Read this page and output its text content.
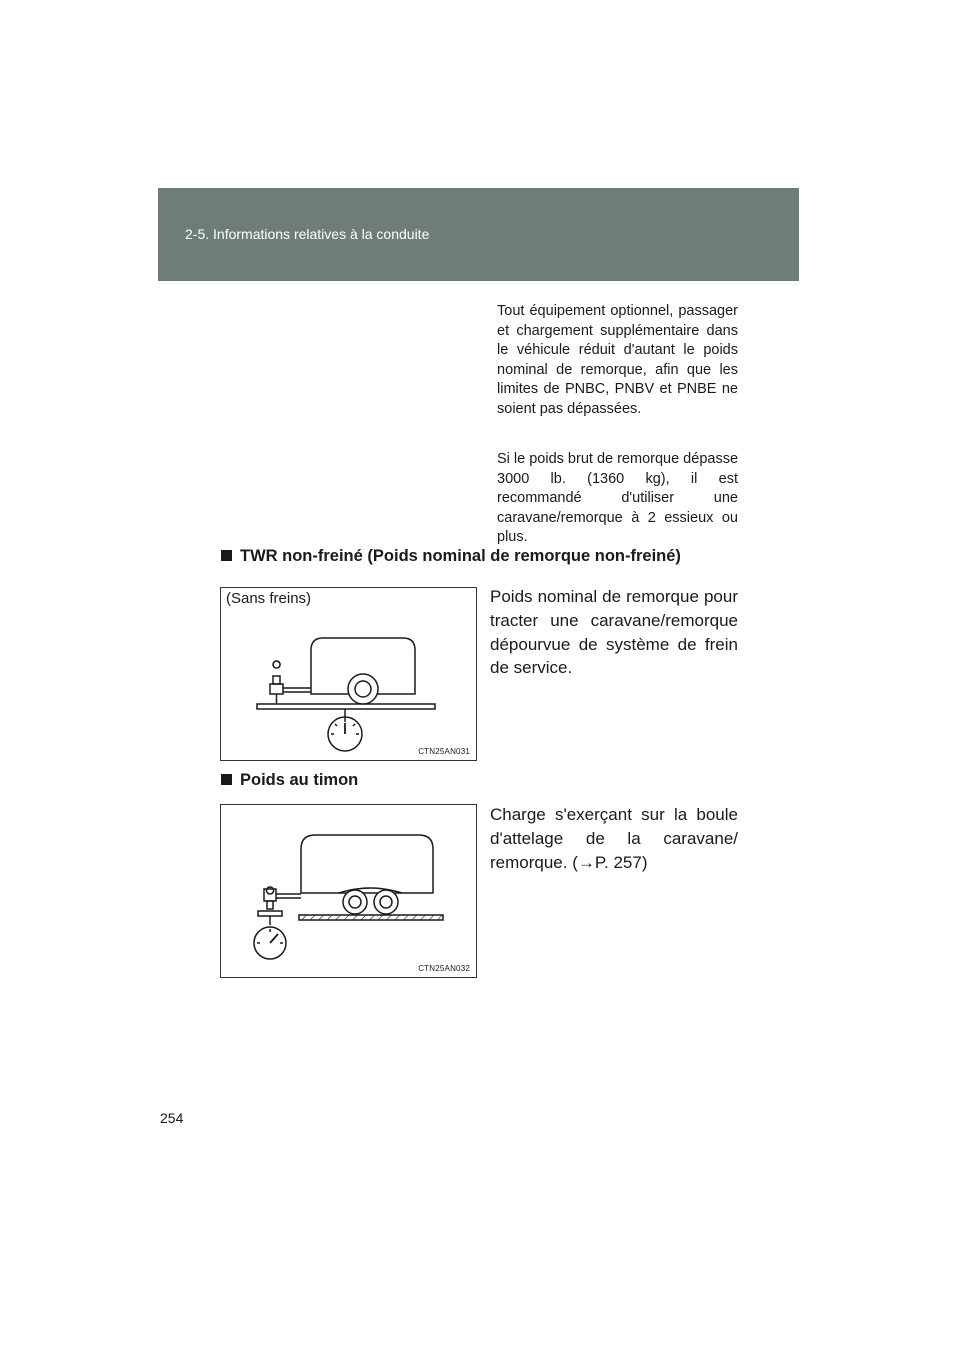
2-5. Informations relatives à la conduite

Tout équipement optionnel, passager et chargement supplémentaire dans le véhicule réduit d'autant le poids nominal de remorque, afin que les limites de PNBC, PNBV et PNBE ne soient pas dépassées.

Si le poids brut de remorque dépasse 3000 lb. (1360 kg), il est recommandé d'utiliser une caravane/remorque à 2 essieux ou plus.

TWR non-freiné (Poids nominal de remorque non-freiné)
(Sans freins)
CTN25AN031

Poids nominal de remorque pour tracter une caravane/remorque dépourvue de système de frein de service.

Poids au timon
CTN25AN032

Charge s'exerçant sur la boule d'attelage de la caravane/ remorque. (→P. 257)

254
